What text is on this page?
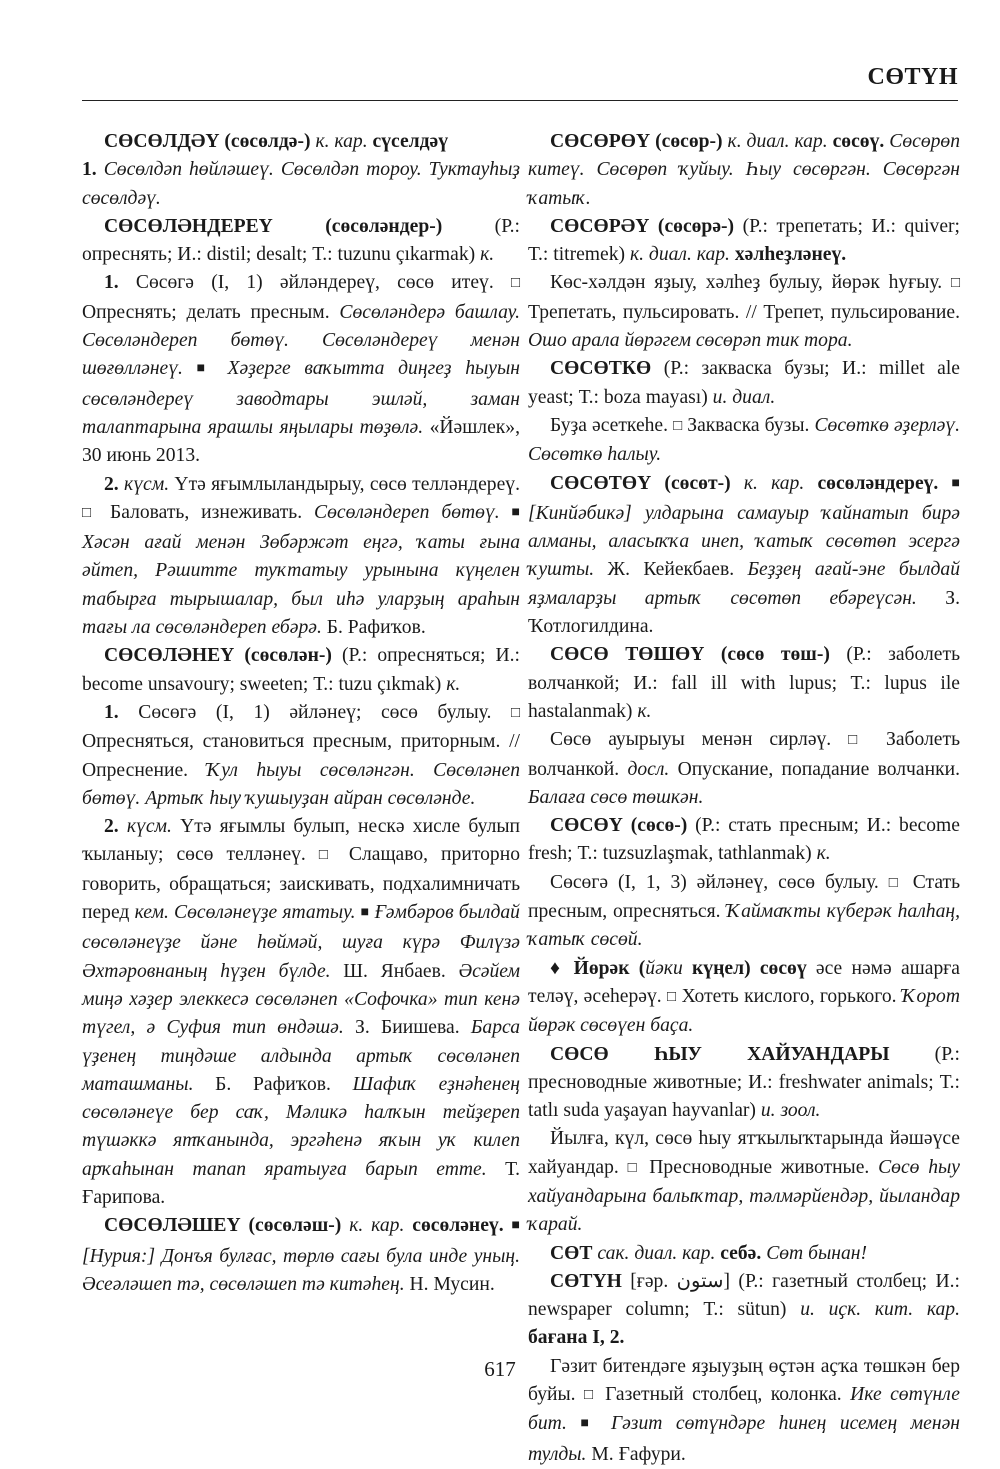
СӨТҮН

СӨСӨЛДӘҮ (сөсөлдә-) к. кар. сүселдәү

1. Сөсөлдәп һөйләшеү. Сөсөлдәп тороу. Туктауһыҙ сөсөлдәү.

СӨСӨЛӘНДЕРЕҮ (сөсөләндер-) (Р.: опреснять; И.: distil; desalt; Т.: tuzunu çıkarmak) к.

1. Сөсөгә (I, 1) әйләндереү, сөсө итеү. □ Опреснять; делать пресным. Сөсөләндерә башлау. Сөсөләндереп бөтөү. Сөсөләндереү менән шөғөлләнеү. ■ Хәҙерге ваҡытта диңгеҙ һыуын сөсөләндереү заводтары эшләй, заман талаптарына ярашлы яңылары төҙөлә. «Йәшлек», 30 июнь 2013.

2. күсм. Үтә яғымлыландырыу, сөсө телләндереү. □ Баловать, изнеживать. Сөсөләндереп бөтөү. ■ Хәсән ағай менән Зөбәржәт еңгә, ҡаты ғына әйтеп, Рәшитте туҡтатыу урынына күңелен табырға тырышалар, был иһә уларҙың араһын тағы ла сөсөләндереп ебәрә. Б. Рафиҡов.

СӨСӨЛӘНЕҮ (сөсөлән-) (Р.: опресняться; И.: become unsavoury; sweeten; Т.: tuzu çıkmak) к.

1. Сөсөгә (I, 1) әйләнеү; сөсө булыу. □ Опресняться, становиться пресным, приторным. // Опреснение. Ҡул һыуы сөсөләнгән. Сөсөләнеп бөтөү. Артыҡ һыу ҡушыуҙан айран сөсөләнде.

2. күсм. Үтә яғымлы булып, нескә хисле булып ҡыланыу; сөсө телләнеү. □ Слащаво, приторно говорить, обращаться; заискивать, подхалимничать перед кем. Сөсөләнеүҙе ятатыу. ■ Ғәмбәров былдай сөсөләнеүҙе йәне һөймәй, шуға күрә Филүзә Әхтәровнаның һүҙен бүлде. Ш. Янбаев. Әсәйем миңә хәҙер элеккесә сөсөләнеп «Софочка» тип кенә түгел, ә Суфия тип өндәшә. З. Биишева. Барса үҙенең тиңдәше алдында артыҡ сөсөләнеп маташманы. Б. Рафиҡов. Шафиҡ еҙнәһенең сөсөләнеүе бер саҡ, Мәликә һалҡын тейҙереп түшәккә ятҡанында, эргәһенә яҡын уҡ килеп арҡаһынан тапап яратыуға барып етте. Т. Ғарипова.

СӨСӨЛӘШЕҮ (сөсөләш-) к. кар. сөсөләнеү. ■ [Нурия:] Донъя булғас, төрлө сағы була инде уның. Әсеәләшеп тә, сөсөләшеп тә китәһең. Н. Мусин.

СӨСӨРӨҮ (сөсөр-) к. диал. кар. сөсөү. Сөсөрөп китеү. Сөсөрөп ҡуйыу. Һыу сөсөргән. Сөсөргән ҡатыҡ.

СӨСӨРӘҮ (сөсөрә-) (Р.: трепетать; И.: quiver; Т.: titremek) к. диал. кар. хәлһеҙләнеү.

Көс-хәлдән яҙыу, хәлһеҙ булыу, йөрәк һуғыу. □ Трепетать, пульсировать. // Трепет, пульсирование. Ошо арала йөрәгем сөсөрәп тик тора.

СӨСӨТКӨ (Р.: закваска бузы; И.: millet ale yeast; Т.: boza mayası) и. диал.

Буҙа әсеткеһе. □ Закваска бузы. Сөсөткө әҙерләү. Сөсөткө һалыу.

СӨСӨТӨҮ (сөсөт-) к. кар. сөсөләндереү. ■ [Кинйәбикә] улдарына самауыр ҡайнатып бирә алманы, аласыҡҡа инеп, ҡатыҡ сөсөтөп эсергә ҡушты. Ж. Кейекбаев. Беҙҙең ағай-эне былдай яҙмаларҙы артыҡ сөсөтөп ебәреүсән. З. Ҡотлогилдина.

СӨСӨ ТӨШӨҮ (сөсө төш-) (Р.: заболеть волчанкой; И.: fall ill with lupus; Т.: lupus ile hastalanmak) к.

Сөсө ауырыуы менән сирләү. □ Заболеть волчанкой. досл. Опускание, попадание волчанки. Балаға сөсө төшкән.

СӨСӨҮ (сөсө-) (Р.: стать пресным; И.: become fresh; Т.: tuzsuzlaşmak, tathlanmak) к.

Сөсөгә (I, 1, 3) әйләнеү, сөсө булыу. □ Стать пресным, опресняться. Ҡаймаҡты күберәк һалһаң, ҡатыҡ сөсөй.

♦ Йөрәк (йәки күңел) сөсөү әсе нәмә ашарға теләү, әсеһерәү. □ Хотеть кислого, горького. Ҡорот йөрәк сөсөүен баҫа.

СӨСӨ ҺЫУ ХАЙУАНДАРЫ (Р.: пресноводные животные; И.: freshwater animals; Т.: tatlı suda yaşayan hayvanlar) и. зоол.

Йылға, күл, сөсө һыу ятҡылыҡтарында йәшәүсе хайуандар. □ Пресноводные животные. Сөсө һыу хайуандарына балыҡтар, тәлмәрйендәр, йыландар ҡарай.

СӨТ сак. диал. кар. себә. Сөт бынан!

СӨТҮН [ғәр. ستون] (Р.: газетный столбец; И.: newspaper column; Т.: sütun) и. иҫк. кит. кар. бағана I, 2.

Гәзит битендәге яҙыуҙың өҫтән аҫҡа төшкән бер буйы. □ Газетный столбец, колонка. Ике сөтүнле бит. ■ Гәзит сөтүндәре һинең исемең менән тулды. М. Ғафури.

617
